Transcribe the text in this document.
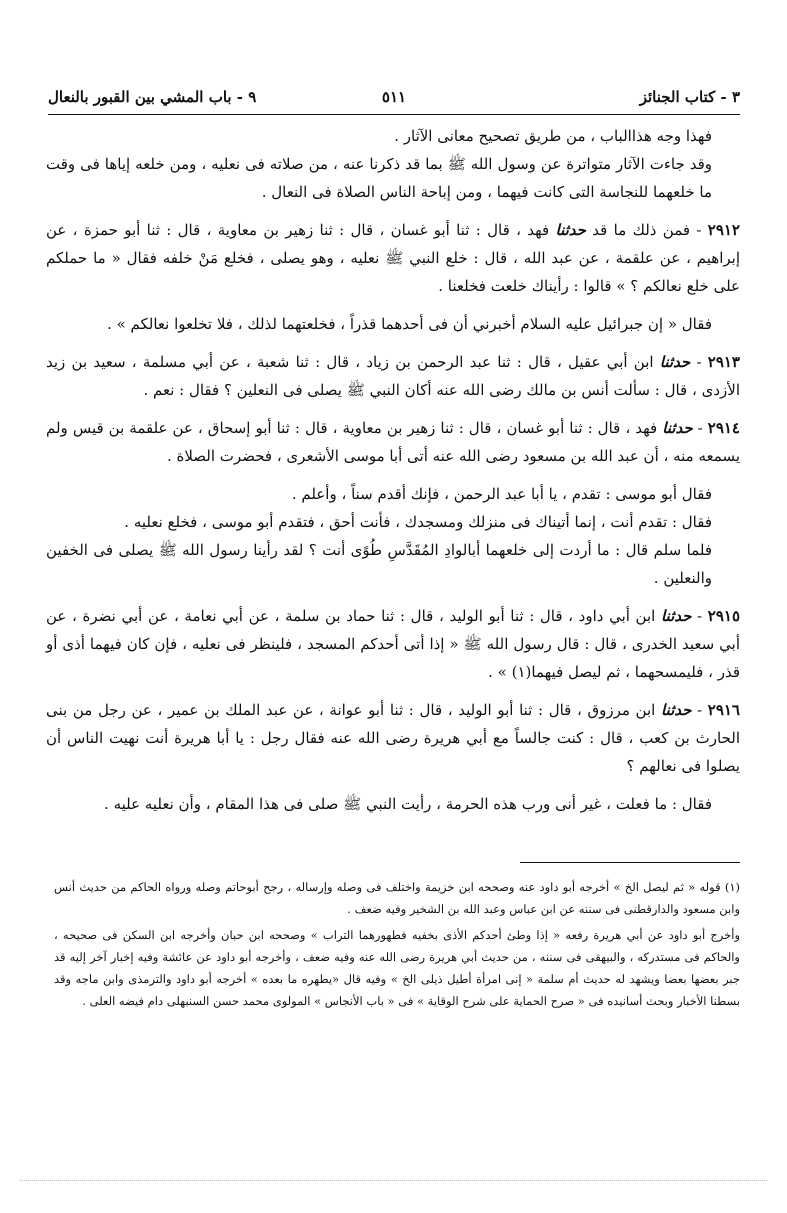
٣ - كتاب الجنائز
٥١١
٩ - باب المشي بين القبور بالنعال

فهذا وجه هذاالباب ، من طريق تصحيح معانى الآثار .

وقد جاءت الآثار متواترة عن وسول الله ﷺ بما قد ذكرنا عنه ، من صلاته فى نعليه ، ومن خلعه إياها فى وقت ما خلعهما للنجاسة التى كانت فيهما ، ومن إباحة الناس الصلاة فى النعال .

٢٩١٢ - فمن ذلك ما قد حدثنا فهد ، قال : ثنا أبو غسان ، قال : ثنا زهير بن معاوية ، قال : ثنا أبو حمزة ، عن إبراهيم ، عن علقمة ، عن عبد الله ، قال : خلع النبي ﷺ نعليه ، وهو يصلى ، فخلع مَنْ خلفه فقال « ما حملكم على خلع نعالكم ؟ » قالوا : رأيناك خلعت فخلعنا .

فقال « إن جبرائيل عليه السلام أخبرني أن فى أحدهما قذراً ، فخلعتهما لذلك ، فلا تخلعوا نعالكم » .

٢٩١٣ - حدثنا ابن أبي عقيل ، قال : ثنا عبد الرحمن بن زياد ، قال : ثنا شعبة ، عن أبي مسلمة ، سعيد بن زيد الأزدى ، قال : سألت أنس بن مالك رضى الله عنه أكان النبي ﷺ يصلى فى النعلين ؟ فقال : نعم .

٢٩١٤ - حدثنا فهد ، قال : ثنا أبو غسان ، قال : ثنا زهير بن معاوية ، قال : ثنا أبو إسحاق ، عن علقمة بن قيس ولم يسمعه منه ، أن عبد الله بن مسعود رضى الله عنه أتى أبا موسى الأشعرى ، فحضرت الصلاة .

فقال أبو موسى : تقدم ، يا أبا عبد الرحمن ، فإنك أقدم سناً ، وأعلم .

فقال : تقدم أنت ، إنما أتيناك فى منزلك ومسجدك ، فأنت أحق ، فتقدم أبو موسى ، فخلع نعليه .

فلما سلم قال : ما أردت إلى خلعهما أبالوادِ المُقَدَّسِ طُوًى أنت ؟ لقد رأينا رسول الله ﷺ يصلى فى الخفين والنعلين .

٢٩١٥ - حدثنا ابن أبي داود ، قال : ثنا أبو الوليد ، قال : ثنا حماد بن سلمة ، عن أبي نعامة ، عن أبي نضرة ، عن أبي سعيد الخدرى ، قال : قال رسول الله ﷺ « إذا أتى أحدكم المسجد ، فلينظر فى نعليه ، فإن كان فيهما أذى أو قذر ، فليمسحهما ، ثم ليصل فيهما(١) » .

٢٩١٦ - حدثنا ابن مرزوق ، قال : ثنا أبو الوليد ، قال : ثنا أبو عوانة ، عن عبد الملك بن عمير ، عن رجل من بنى الحارث بن كعب ، قال : كنت جالساً مع أبي هريرة رضى الله عنه فقال رجل : يا أبا هريرة أنت نهيت الناس أن يصلوا فى نعالهم ؟

فقال : ما فعلت ، غير أنى ورب هذه الحرمة ، رأيت النبي ﷺ صلى فى هذا المقام ، وأن نعليه عليه .

(١) قوله « ثم ليصل الخ » أخرجه أبو داود عنه وصححه ابن خزيمة واختلف فى وصله وإرساله ، رجح أبوحاتم وصله ورواه الحاكم من حديث أنس وابن مسعود والدارقطنى فى سننه عن ابن عباس وعبد الله بن الشخير وفيه ضعف .

وأخرج أبو داود عن أبي هريرة رفعه « إذا وطئ أحدكم الأذى بخفيه فطهورهما التراب » وصححه ابن حبان وأخرجه ابن السكن فى صحيحه ، والحاكم فى مستدركه ، والبيهقى فى سننه ، من حديث أبي هريرة رضى الله عنه وفيه ضعف ، وأخرجه أبو داود عن عائشة وفيه إخبار آخر إليه قد جبر بعضها بعضا ويشهد له حديث أم سلمة « إنى امرأة أطيل ذيلى الخ » وفيه قال «يطهره ما بعده » أخرجه أبو داود والترمذى وابن ماجه وقد بسطنا الأخبار وبحث أسانيده فى « صرح الحماية على شرح الوقاية » فى « باب الأنجاس » المولوى محمد حسن السنبهلى دام فيضه العلى .
